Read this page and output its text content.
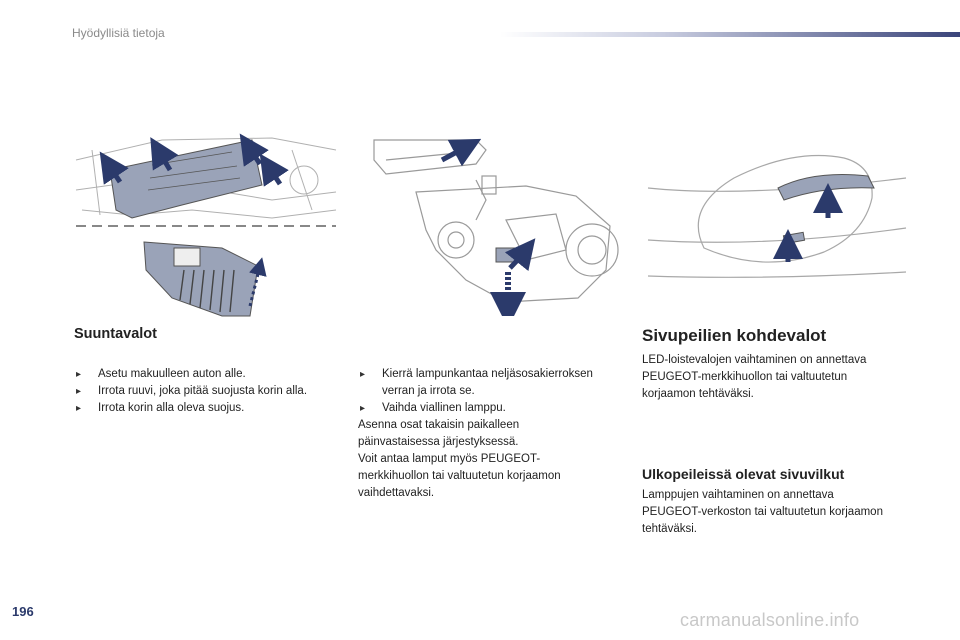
Hyödyllisiä tietoja
Suuntavalot
▸ Asetu makuulleen auton alle.
▸ Irrota ruuvi, joka pitää suojusta korin alla.
▸ Irrota korin alla oleva suojus.
▸ Kierrä lampunkantaa neljäsosakierroksen verran ja irrota se.
▸ Vaihda viallinen lamppu.
Asenna osat takaisin paikalleen
päinvastaisessa järjestyksessä.
Voit antaa lamput myös PEUGEOT-
merkkihuollon tai valtuutetun korjaamon
vaihdettavaksi.
Sivupeilien kohdevalot
LED-loistevalojen vaihtaminen on annettava
PEUGEOT-merkkihuollon tai valtuutetun
korjaamon tehtäväksi.
Ulkopeileissä olevat sivuvilkut
Lamppujen vaihtaminen on annettava
PEUGEOT-verkoston tai valtuutetun korjaamon
tehtäväksi.
196	carmanualsonline.info
